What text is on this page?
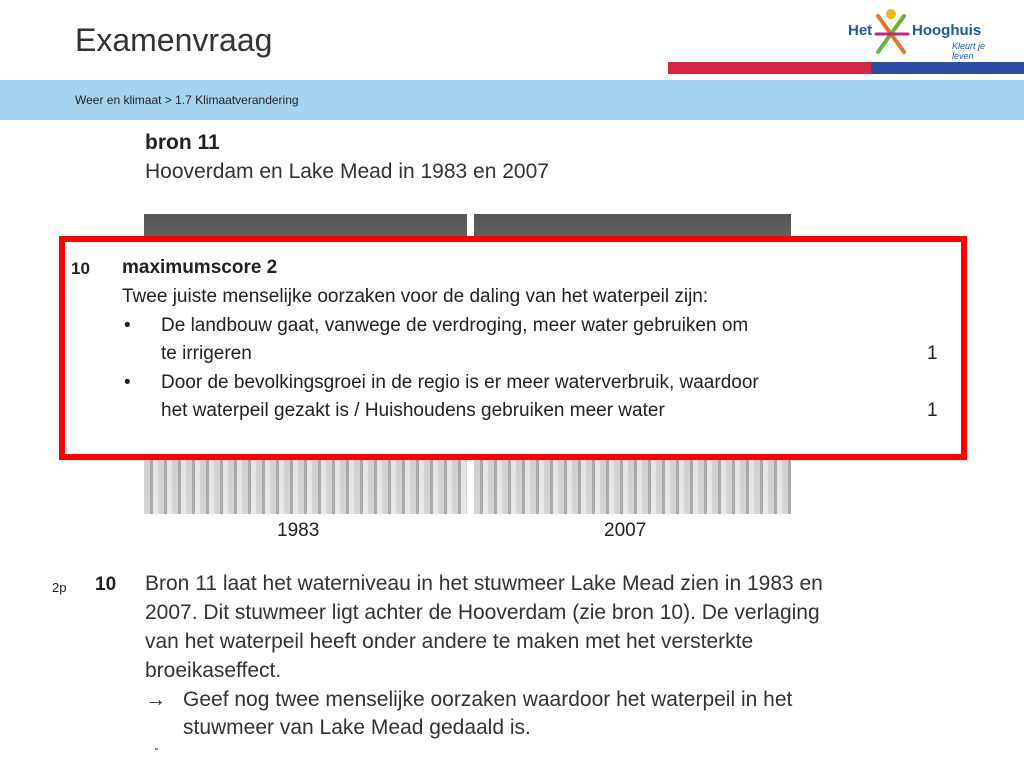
Examenvraag	Het	Hooghuis
Kleurt je leven
Weer en klimaat > 1.7 Klimaatverandering
bron 11
Hooverdam en Lake Mead in 1983 en 2007
1983	2007
10 maximumscore 2
Twee juiste menselijke oorzaken voor de daling van het waterpeil zijn:
• De landbouw gaat, vanwege de verdroging, meer water gebruiken om
te irrigeren	1
• Door de bevolkingsgroei in de regio is er meer waterverbruik, waardoor
het waterpeil gezakt is / Huishoudens gebruiken meer water	1
2p 10 Bron 11 laat het waterniveau in het stuwmeer Lake Mead zien in 1983 en
2007. Dit stuwmeer ligt achter de Hooverdam (zie bron 10). De verlaging
van het waterpeil heeft onder andere te maken met het versterkte
broeikaseffect.
→ Geef nog twee menselijke oorzaken waardoor het waterpeil in het
stuwmeer van Lake Mead gedaald is.
